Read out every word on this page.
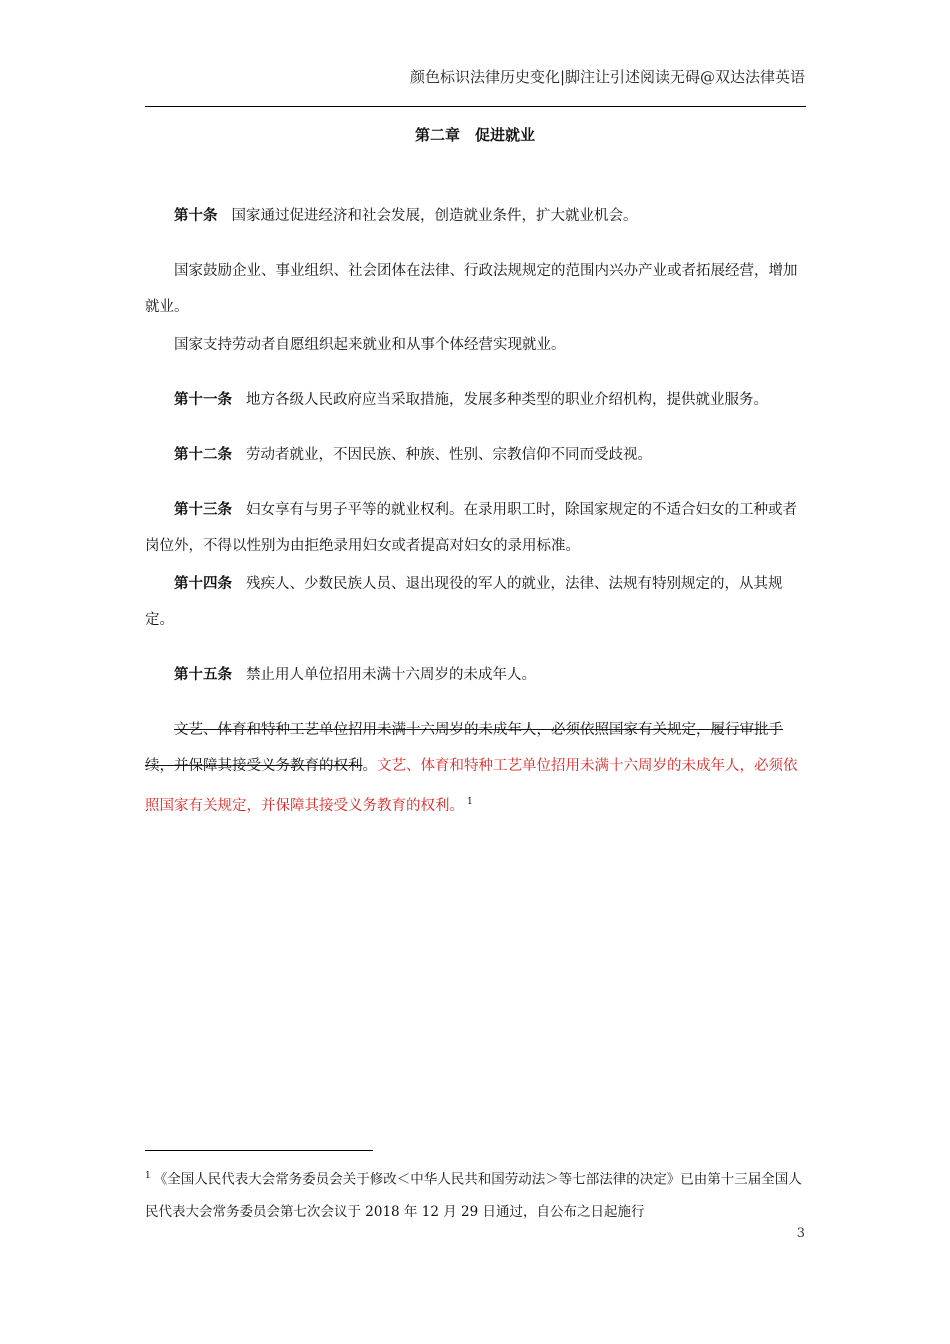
颜色标识法律历史变化|脚注让引述阅读无碍@双达法律英语
第二章　促进就业

第十条 国家通过促进经济和社会发展，创造就业条件，扩大就业机会。

国家鼓励企业、事业组织、社会团体在法律、行政法规规定的范围内兴办产业或者拓展经营，增加就业。

国家支持劳动者自愿组织起来就业和从事个体经营实现就业。

第十一条 地方各级人民政府应当采取措施，发展多种类型的职业介绍机构，提供就业服务。

第十二条 劳动者就业，不因民族、种族、性别、宗教信仰不同而受歧视。

第十三条 妇女享有与男子平等的就业权利。在录用职工时，除国家规定的不适合妇女的工种或者岗位外，不得以性别为由拒绝录用妇女或者提高对妇女的录用标准。

第十四条 残疾人、少数民族人员、退出现役的军人的就业，法律、法规有特别规定的，从其规定。

第十五条 禁止用人单位招用未满十六周岁的未成年人。

文艺、体育和特种工艺单位招用未满十六周岁的未成年人，必须依照国家有关规定，履行审批手续，并保障其接受义务教育的权利。文艺、体育和特种工艺单位招用未满十六周岁的未成年人，必须依照国家有关规定，并保障其接受义务教育的权利。 $^1$

$^1$ 《全国人民代表大会常务委员会关于修改＜中华人民共和国劳动法＞等七部法律的决定》已由第十三届全国人民代表大会常务委员会第七次会议于 2018 年 12 月 29 日通过，自公布之日起施行
3
